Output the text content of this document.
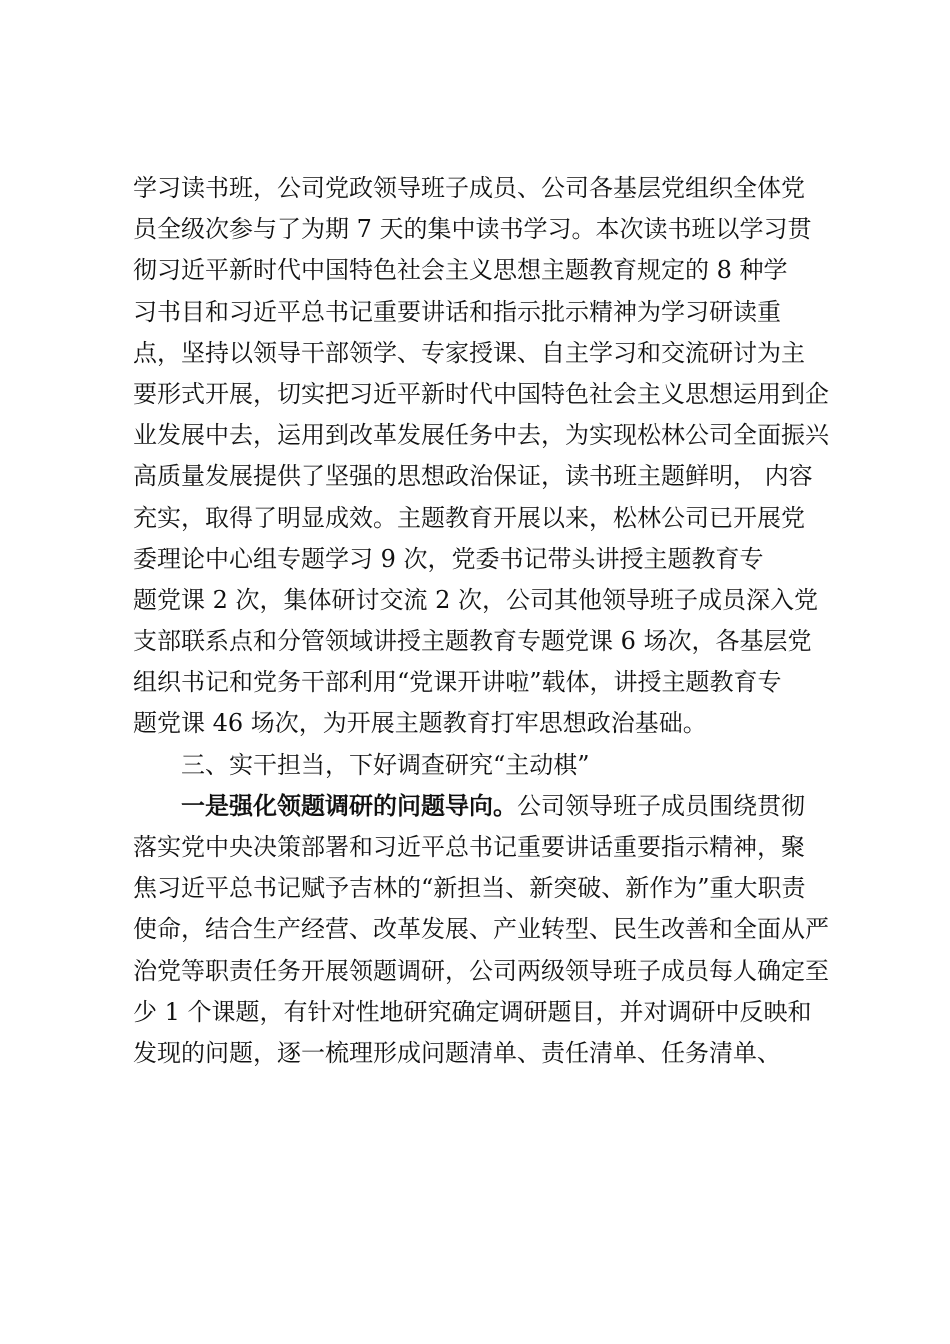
学习读书班，公司党政领导班子成员、公司各基层党组织全体党
员全级次参与了为期 7 天的集中读书学习。本次读书班以学习贯
彻习近平新时代中国特色社会主义思想主题教育规定的 8 种学
习书目和习近平总书记重要讲话和指示批示精神为学习研读重
点，坚持以领导干部领学、专家授课、自主学习和交流研讨为主
要形式开展，切实把习近平新时代中国特色社会主义思想运用到企
业发展中去，运用到改革发展任务中去，为实现松林公司全面振兴
高质量发展提供了坚强的思想政治保证，读书班主题鲜明， 内容
充实，取得了明显成效。主题教育开展以来，松林公司已开展党
委理论中心组专题学习 9 次，党委书记带头讲授主题教育专
题党课 2 次，集体研讨交流 2 次，公司其他领导班子成员深入党
支部联系点和分管领域讲授主题教育专题党课 6 场次，各基层党
组织书记和党务干部利用“党课开讲啦”载体，讲授主题教育专
题党课 46 场次，为开展主题教育打牢思想政治基础。
三、实干担当，下好调查研究“主动棋”
一是强化领题调研的问题导向。公司领导班子成员围绕贯彻
落实党中央决策部署和习近平总书记重要讲话重要指示精神，聚
焦习近平总书记赋予吉林的“新担当、新突破、新作为”重大职责
使命，结合生产经营、改革发展、产业转型、民生改善和全面从严
治党等职责任务开展领题调研，公司两级领导班子成员每人确定至
少 1 个课题，有针对性地研究确定调研题目，并对调研中反映和
发现的问题，逐一梳理形成问题清单、责任清单、任务清单、
